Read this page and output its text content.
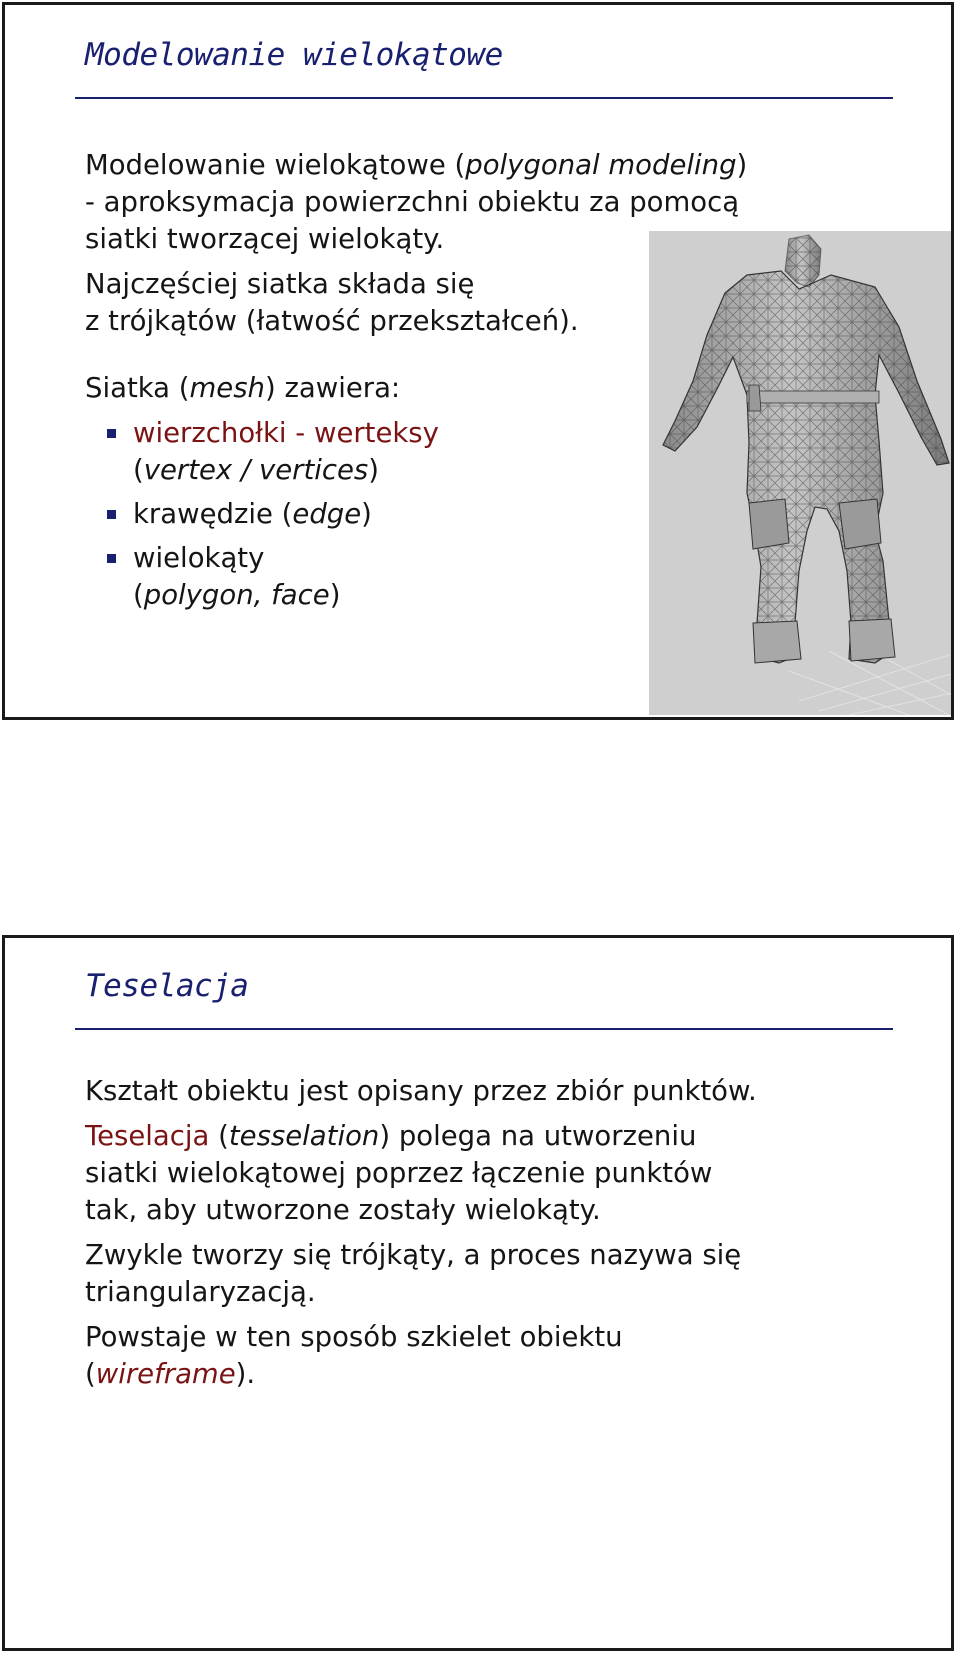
Modelowanie wielokątowe

Modelowanie wielokątowe (polygonal modeling)
- aproksymacja powierzchni obiektu za pomocą
siatki tworzącej wielokąty.

Najczęściej siatka składa się
z trójkątów (łatwość przekształceń).

Siatka (mesh) zawiera:

wierzchołki - werteksy
(vertex / vertices)
krawędzie (edge)
wielokąty
(polygon, face)
Teselacja

Kształt obiektu jest opisany przez zbiór punktów.

Teselacja (tesselation) polega na utworzeniu
siatki wielokątowej poprzez łączenie punktów
tak, aby utworzone zostały wielokąty.

Zwykle tworzy się trójkąty, a proces nazywa się
triangularyzacją.

Powstaje w ten sposób szkielet obiektu
(wireframe).
